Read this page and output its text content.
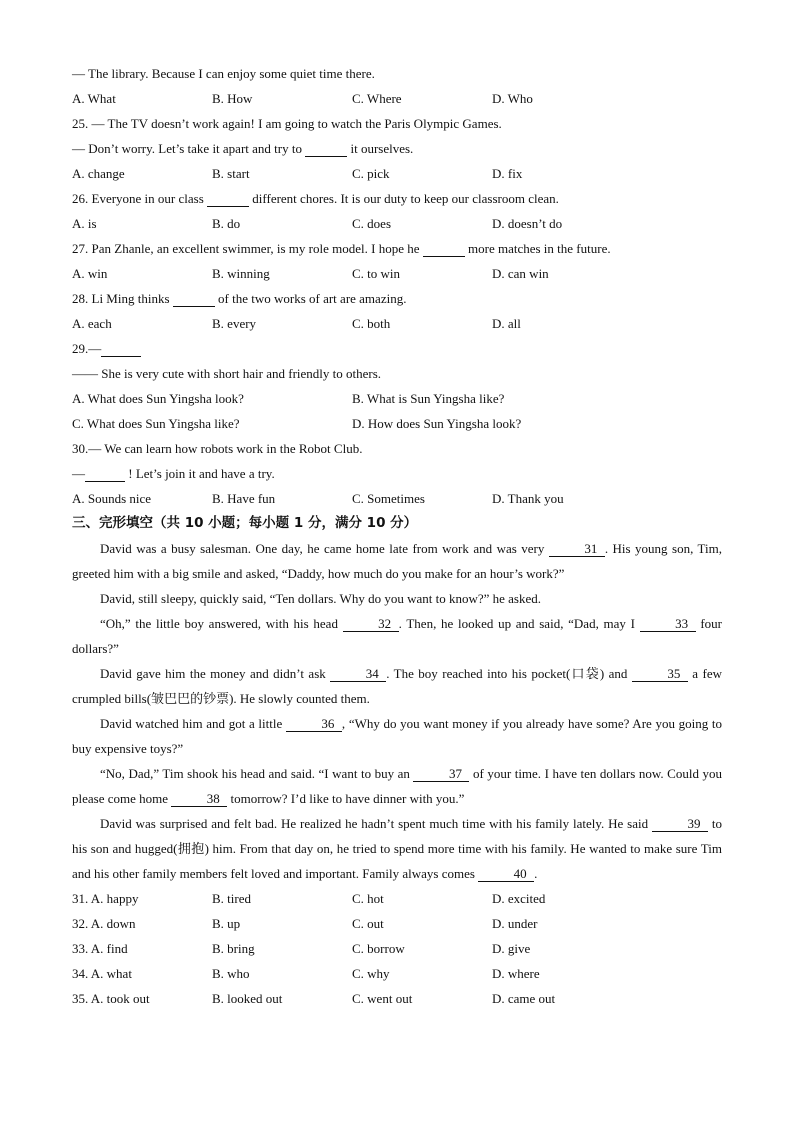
— The library. Because I can enjoy some quiet time there.
A. What	B. How	C. Where	D. Who
25. — The TV doesn’t work again! I am going to watch the Paris Olympic Games.
— Don’t worry. Let’s take it apart and try to	it ourselves.
A. change	B. start	C. pick	D. fix
26. Everyone in our class	different chores. It is our duty to keep our classroom clean.
A. is	B. do	C. does	D. doesn’t do
27. Pan Zhanle, an excellent swimmer, is my role model. I hope he	more matches in the future.
A. win	B. winning	C. to win	D. can win
28. Li Ming thinks	of the two works of art are amazing.
A. each	B. every	C. both	D. all
29.—
—— She is very cute with short hair and friendly to others.
A. What does Sun Yingsha look?	B. What is Sun Yingsha like?
C. What does Sun Yingsha like?	D. How does Sun Yingsha look?
30.— We can learn how robots work in the Robot Club.
—	! Let’s join it and have a try.
A. Sounds nice	B. Have fun	C. Sometimes	D. Thank you
三、完形填空（共 10 小题；每小题 1 分，满分 10 分）
David was a busy salesman. One day, he came home late from work and was very	31 . His young son, Tim, greeted him with a big smile and asked, “Daddy, how much do you make for an hour’s work?”
David, still sleepy, quickly said, “Ten dollars. Why do you want to know?” he asked.
“Oh,” the little boy answered, with his head	32 . Then, he looked up and said, “Dad, may I	33 four dollars?”
David gave him the money and didn’t ask	34 . The boy reached into his pocket(口袋) and	35 a few crumpled bills(皱巴巴的钞票). He slowly counted them.
David watched him and got a little	36 , “Why do you want money if you already have some? Are you going to buy expensive toys?”
“No, Dad,” Tim shook his head and said. “I want to buy an	37 of your time. I have ten dollars now. Could you please come home	38 tomorrow? I’d like to have dinner with you.”
David was surprised and felt bad. He realized he hadn’t spent much time with his family lately. He said	39 to his son and hugged(拥抱) him. From that day on, he tried to spend more time with his family. He wanted to make sure Tim and his other family members felt loved and important. Family always comes	40 .
31. A. happy	B. tired	C. hot	D. excited
32. A. down	B. up	C. out	D. under
33. A. find	B. bring	C. borrow	D. give
34. A. what	B. who	C. why	D. where
35. A. took out	B. looked out	C. went out	D. came out
